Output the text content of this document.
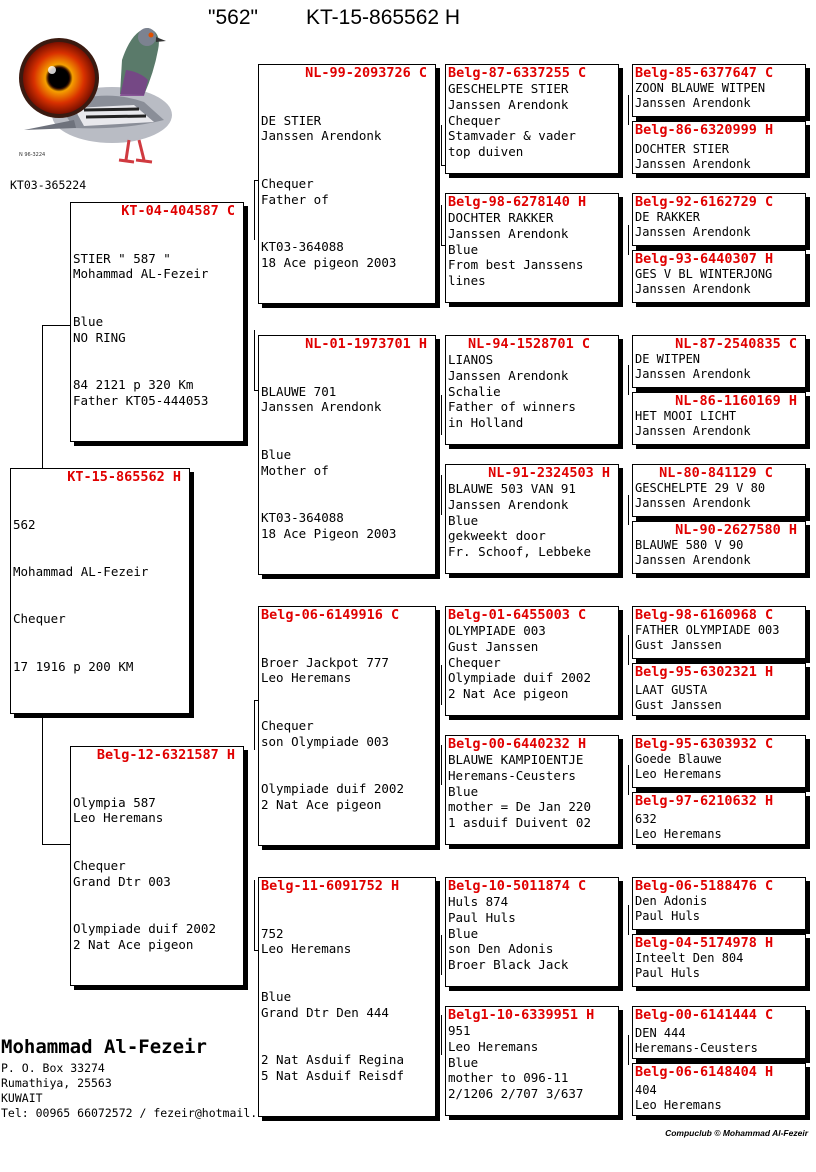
"562" KT-15-865562 H
N 96-3224
KT03-365224
KT-15-865562 H

562

Mohammad AL-Fezeir

Chequer

17 1916 p 200 KM

KT-04-404587 C

STIER " 587 "
Mohammad AL-Fezeir

Blue
NO RING

84 2121 p 320 Km
Father KT05-444053

Belg-12-6321587 H

Olympia 587
Leo Heremans

Chequer
Grand Dtr 003

Olympiade duif 2002
2 Nat Ace pigeon

NL-99-2093726 C

DE STIER
Janssen Arendonk

Chequer
Father of

KT03-364088
18 Ace pigeon 2003

NL-01-1973701 H

BLAUWE 701
Janssen Arendonk

Blue
Mother of

KT03-364088
18 Ace Pigeon 2003

Belg-06-6149916 C

Broer Jackpot 777
Leo Heremans

Chequer
son Olympiade 003

Olympiade duif 2002
2 Nat Ace pigeon

Belg-11-6091752 H

752
Leo Heremans

Blue
Grand Dtr Den 444

2 Nat Asduif Regina
5 Nat Asduif Reisdf

Belg-87-6337255 C
GESCHELPTE STIER
Janssen Arendonk
Chequer
Stamvader & vader
top duiven
Belg-98-6278140 H
DOCHTER RAKKER
Janssen Arendonk
Blue
From best Janssens
lines
NL-94-1528701 C
LIANOS
Janssen Arendonk
Schalie
Father of winners
in Holland
NL-91-2324503 H
BLAUWE 503 VAN 91
Janssen Arendonk
Blue
gekweekt door
Fr. Schoof, Lebbeke
Belg-01-6455003 C
OLYMPIADE 003
Gust Janssen
Chequer
Olympiade duif 2002
2 Nat Ace pigeon
Belg-00-6440232 H
BLAUWE KAMPIOENTJE
Heremans-Ceusters
Blue
mother = De Jan 220
1 asduif Duivent 02
Belg-10-5011874 C
Huls 874
Paul Huls
Blue
son Den Adonis
Broer Black Jack
Belg1-10-6339951 H
951
Leo Heremans
Blue
mother to 096-11
2/1206 2/707 3/637
Belg-85-6377647 C
ZOON BLAUWE WITPEN
Janssen Arendonk
Belg-86-6320999 H
DOCHTER STIER
Janssen Arendonk
Belg-92-6162729 C
DE RAKKER
Janssen Arendonk
Belg-93-6440307 H
GES V BL WINTERJONG
Janssen Arendonk
NL-87-2540835 C
DE WITPEN
Janssen Arendonk
NL-86-1160169 H
HET MOOI LICHT
Janssen Arendonk
NL-80-841129 C
GESCHELPTE 29 V 80
Janssen Arendonk
NL-90-2627580 H
BLAUWE 580 V 90
Janssen Arendonk
Belg-98-6160968 C
FATHER OLYMPIADE 003
Gust Janssen
Belg-95-6302321 H
LAAT GUSTA
Gust Janssen
Belg-95-6303932 C
Goede Blauwe
Leo Heremans
Belg-97-6210632 H
632
Leo Heremans
Belg-06-5188476 C
Den Adonis
Paul Huls
Belg-04-5174978 H
Inteelt Den 804
Paul Huls
Belg-00-6141444 C
DEN 444
Heremans-Ceusters
Belg-06-6148404 H
404
Leo Heremans
Mohammad Al-Fezeir
P. O. Box 33274
Rumathiya, 25563
KUWAIT
Tel: 00965 66072572 / fezeir@hotmail.
Compuclub © Mohammad Al-Fezeir
